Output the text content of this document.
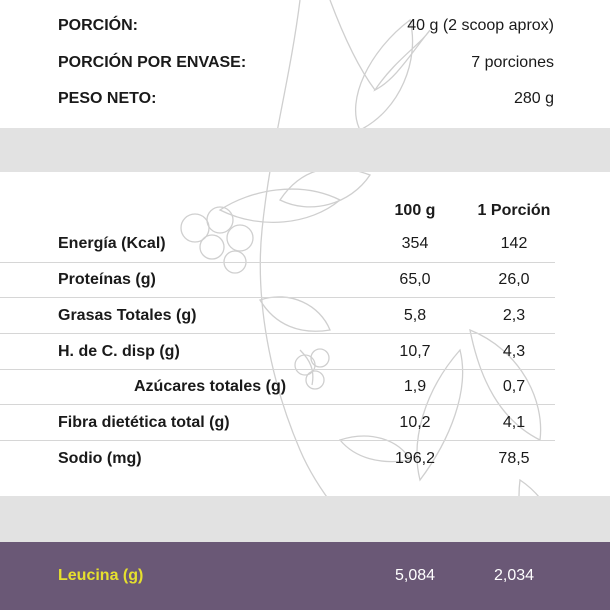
PORCIÓN:	40 g (2 scoop aprox)
PORCIÓN POR ENVASE:	7 porciones
PESO NETO:	280 g
100 g	1 Porción
Energía (Kcal)	354	142
Proteínas (g)	65,0	26,0
Grasas Totales (g)	5,8	2,3
H. de C. disp (g)	10,7	4,3
Azúcares totales (g)	1,9	0,7
Fibra dietética total (g)	10,2	4,1
Sodio (mg)	196,2	78,5
Leucina (g)	5,084	2,034
